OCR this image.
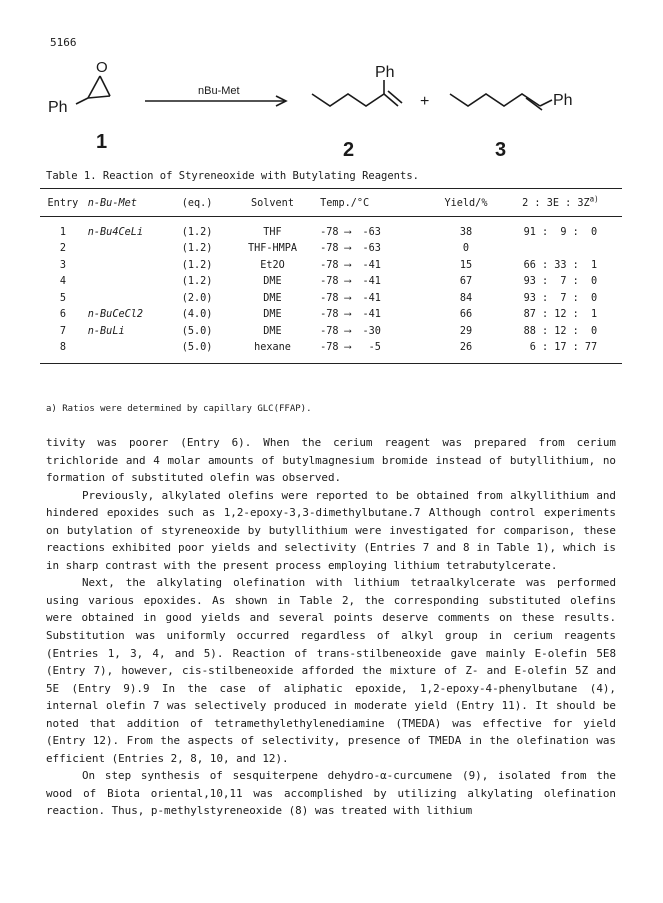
5166
O
Ph
nBu-Met
Ph
+	Ph
1	2	3
Table 1. Reaction of Styreneoxide with Butylating Reagents.
Entry	n-Bu-Met	(eq.)	Solvent	Temp./°C	Yield/%	2 : 3E : $3Z^{a)}$
1	n-Bu4CeLi	(1.2)	THF	-78 ⟶ -63	38	91 :  9 :  0
2		(1.2)	THF-HMPA	-78 ⟶ -63	0	
3		(1.2)	Et2O	-78 ⟶ -41	15	66 : 33 :  1
4		(1.2)	DME	-78 ⟶ -41	67	93 :  7 :  0
5		(2.0)	DME	-78 ⟶ -41	84	93 :  7 :  0
6	n-BuCeCl2	(4.0)	DME	-78 ⟶ -41	66	87 : 12 :  1
7	n-BuLi	(5.0)	DME	-78 ⟶ -30	29	88 : 12 :  0
8		(5.0)	hexane	-78 ⟶ -5	26	6 : 17 : 77
a) Ratios were determined by capillary GLC(FFAP).

tivity was poorer (Entry 6). When the cerium reagent was prepared from cerium trichloride and 4 molar amounts of butylmagnesium bromide instead of butyllithium, no formation of substituted olefin was observed.

Previously, alkylated olefins were reported to be obtained from alkyllithium and hindered epoxides such as 1,2-epoxy-3,3-dimethylbutane.7 Although control experiments on butylation of styreneoxide by butyllithium were investigated for comparison, these reactions exhibited poor yields and selectivity (Entries 7 and 8 in Table 1), which is in sharp contrast with the present process employing lithium tetrabutylcerate.

Next, the alkylating olefination with lithium tetraalkylcerate was performed using various epoxides. As shown in Table 2, the corresponding substituted olefins were obtained in good yields and several points deserve comments on these results. Substitution was uniformly occurred regardless of alkyl group in cerium reagents (Entries 1, 3, 4, and 5). Reaction of trans-stilbeneoxide gave mainly E-olefin 5E8 (Entry 7), however, cis-stilbeneoxide afforded the mixture of Z- and E-olefin 5Z and 5E (Entry 9).9 In the case of aliphatic epoxide, 1,2-epoxy-4-phenylbutane (4), internal olefin 7 was selectively produced in moderate yield (Entry 11). It should be noted that addition of tetramethylethylenediamine (TMEDA) was effective for yield (Entry 12). From the aspects of selectivity, presence of TMEDA in the olefination was efficient (Entries 2, 8, 10, and 12).

On step synthesis of sesquiterpene dehydro-α-curcumene (9), isolated from the wood of Biota oriental,10,11 was accomplished by utilizing alkylating olefination reaction. Thus, p-methylstyreneoxide (8) was treated with lithium
